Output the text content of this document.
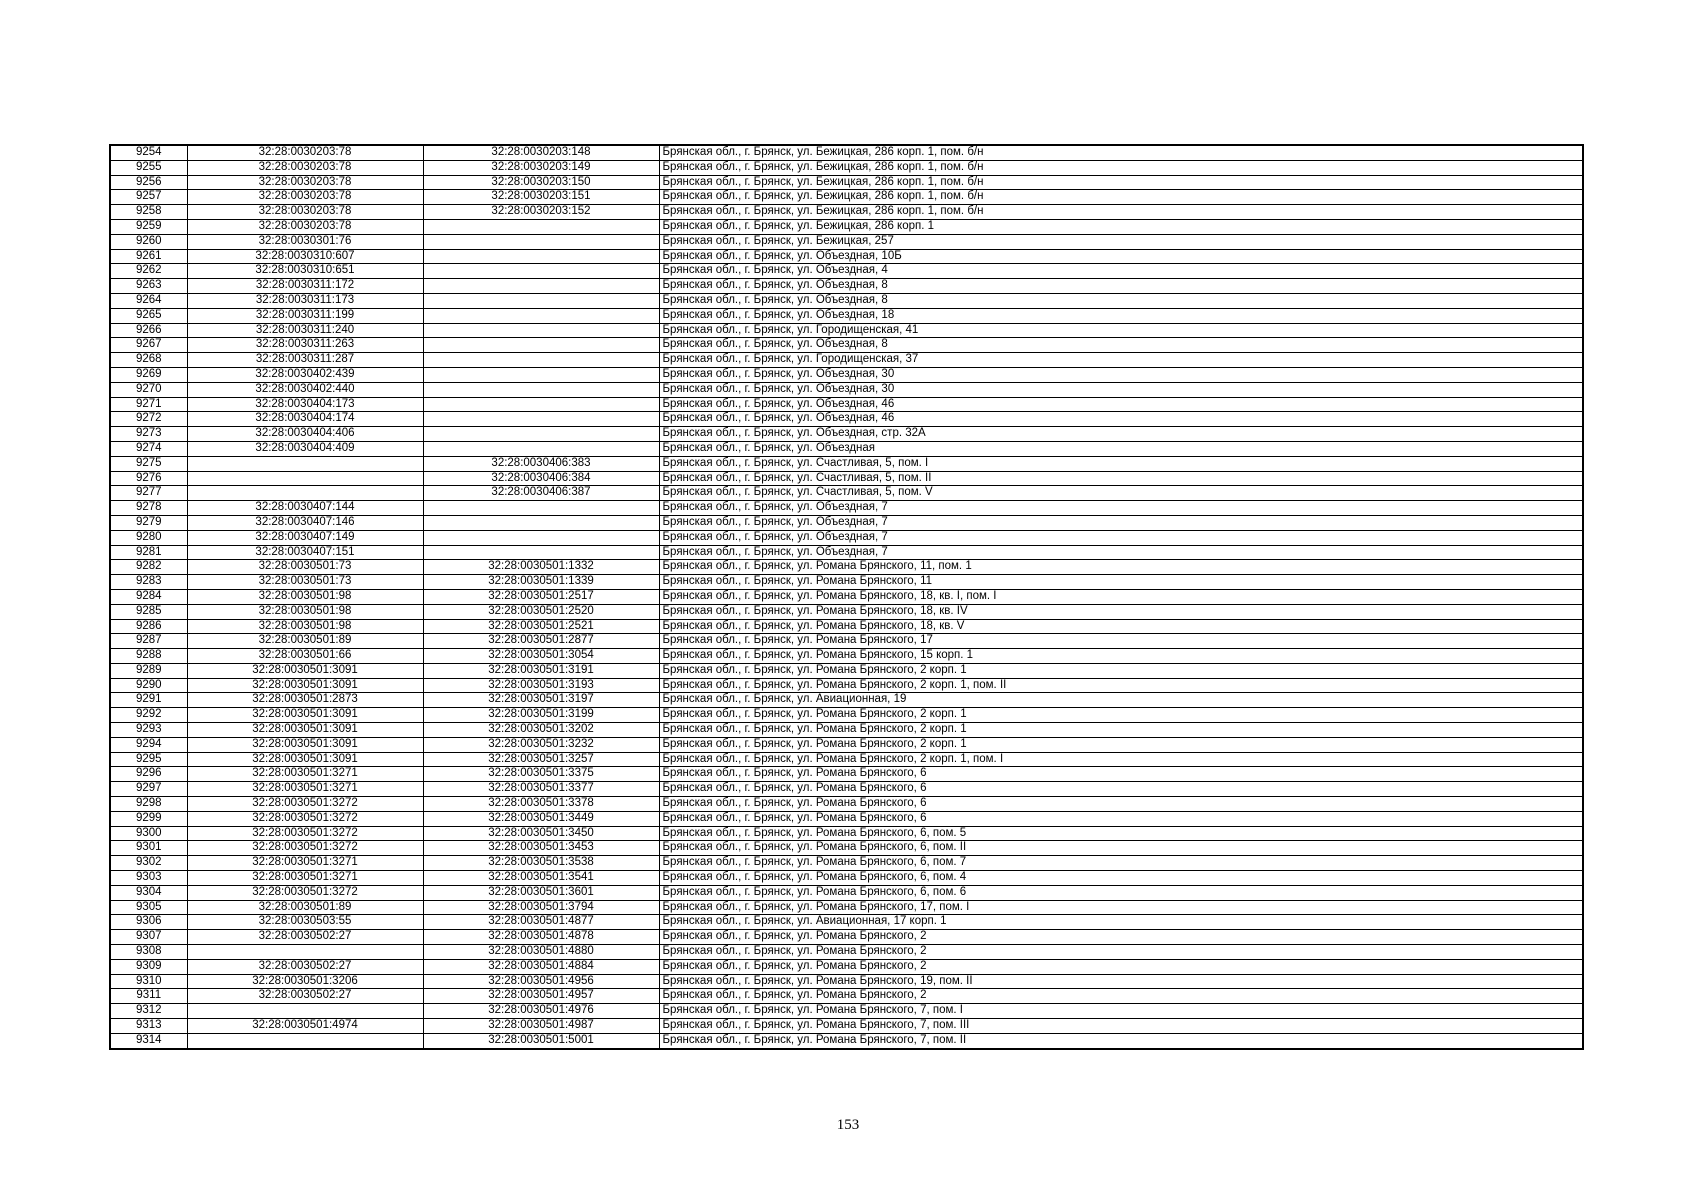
9254	32:28:0030203:78	32:28:0030203:148	Брянская обл., г. Брянск, ул. Бежицкая, 286 корп. 1, пом. б/н
9255	32:28:0030203:78	32:28:0030203:149	Брянская обл., г. Брянск, ул. Бежицкая, 286 корп. 1, пом. б/н
9256	32:28:0030203:78	32:28:0030203:150	Брянская обл., г. Брянск, ул. Бежицкая, 286 корп. 1, пом. б/н
9257	32:28:0030203:78	32:28:0030203:151	Брянская обл., г. Брянск, ул. Бежицкая, 286 корп. 1, пом. б/н
9258	32:28:0030203:78	32:28:0030203:152	Брянская обл., г. Брянск, ул. Бежицкая, 286 корп. 1, пом. б/н
9259	32:28:0030203:78		Брянская обл., г. Брянск, ул. Бежицкая, 286 корп. 1
9260	32:28:0030301:76		Брянская обл., г. Брянск, ул. Бежицкая, 257
9261	32:28:0030310:607		Брянская обл., г. Брянск, ул. Объездная, 10Б
9262	32:28:0030310:651		Брянская обл., г. Брянск, ул. Объездная, 4
9263	32:28:0030311:172		Брянская обл., г. Брянск, ул. Объездная, 8
9264	32:28:0030311:173		Брянская обл., г. Брянск, ул. Объездная, 8
9265	32:28:0030311:199		Брянская обл., г. Брянск, ул. Объездная, 18
9266	32:28:0030311:240		Брянская обл., г. Брянск, ул. Городищенская, 41
9267	32:28:0030311:263		Брянская обл., г. Брянск, ул. Объездная, 8
9268	32:28:0030311:287		Брянская обл., г. Брянск, ул. Городищенская, 37
9269	32:28:0030402:439		Брянская обл., г. Брянск, ул. Объездная, 30
9270	32:28:0030402:440		Брянская обл., г. Брянск, ул. Объездная, 30
9271	32:28:0030404:173		Брянская обл., г. Брянск, ул. Объездная, 46
9272	32:28:0030404:174		Брянская обл., г. Брянск, ул. Объездная, 46
9273	32:28:0030404:406		Брянская обл., г. Брянск, ул. Объездная, стр. 32А
9274	32:28:0030404:409		Брянская обл., г. Брянск, ул. Объездная
9275		32:28:0030406:383	Брянская обл., г. Брянск, ул. Счастливая, 5, пом. I
9276		32:28:0030406:384	Брянская обл., г. Брянск, ул. Счастливая, 5, пом. II
9277		32:28:0030406:387	Брянская обл., г. Брянск, ул. Счастливая, 5, пом. V
9278	32:28:0030407:144		Брянская обл., г. Брянск, ул. Объездная, 7
9279	32:28:0030407:146		Брянская обл., г. Брянск, ул. Объездная, 7
9280	32:28:0030407:149		Брянская обл., г. Брянск, ул. Объездная, 7
9281	32:28:0030407:151		Брянская обл., г. Брянск, ул. Объездная, 7
9282	32:28:0030501:73	32:28:0030501:1332	Брянская обл., г. Брянск, ул. Романа Брянского, 11, пом. 1
9283	32:28:0030501:73	32:28:0030501:1339	Брянская обл., г. Брянск, ул. Романа Брянского, 11
9284	32:28:0030501:98	32:28:0030501:2517	Брянская обл., г. Брянск, ул. Романа Брянского, 18, кв. I, пом. I
9285	32:28:0030501:98	32:28:0030501:2520	Брянская обл., г. Брянск, ул. Романа Брянского, 18, кв. IV
9286	32:28:0030501:98	32:28:0030501:2521	Брянская обл., г. Брянск, ул. Романа Брянского, 18, кв. V
9287	32:28:0030501:89	32:28:0030501:2877	Брянская обл., г. Брянск, ул. Романа Брянского, 17
9288	32:28:0030501:66	32:28:0030501:3054	Брянская обл., г. Брянск, ул. Романа Брянского, 15 корп. 1
9289	32:28:0030501:3091	32:28:0030501:3191	Брянская обл., г. Брянск, ул. Романа Брянского, 2 корп. 1
9290	32:28:0030501:3091	32:28:0030501:3193	Брянская обл., г. Брянск, ул. Романа Брянского, 2 корп. 1, пом. II
9291	32:28:0030501:2873	32:28:0030501:3197	Брянская обл., г. Брянск, ул. Авиационная, 19
9292	32:28:0030501:3091	32:28:0030501:3199	Брянская обл., г. Брянск, ул. Романа Брянского, 2 корп. 1
9293	32:28:0030501:3091	32:28:0030501:3202	Брянская обл., г. Брянск, ул. Романа Брянского, 2 корп. 1
9294	32:28:0030501:3091	32:28:0030501:3232	Брянская обл., г. Брянск, ул. Романа Брянского, 2 корп. 1
9295	32:28:0030501:3091	32:28:0030501:3257	Брянская обл., г. Брянск, ул. Романа Брянского, 2 корп. 1, пом. I
9296	32:28:0030501:3271	32:28:0030501:3375	Брянская обл., г. Брянск, ул. Романа Брянского, 6
9297	32:28:0030501:3271	32:28:0030501:3377	Брянская обл., г. Брянск, ул. Романа Брянского, 6
9298	32:28:0030501:3272	32:28:0030501:3378	Брянская обл., г. Брянск, ул. Романа Брянского, 6
9299	32:28:0030501:3272	32:28:0030501:3449	Брянская обл., г. Брянск, ул. Романа Брянского, 6
9300	32:28:0030501:3272	32:28:0030501:3450	Брянская обл., г. Брянск, ул. Романа Брянского, 6, пом. 5
9301	32:28:0030501:3272	32:28:0030501:3453	Брянская обл., г. Брянск, ул. Романа Брянского, 6, пом. II
9302	32:28:0030501:3271	32:28:0030501:3538	Брянская обл., г. Брянск, ул. Романа Брянского, 6, пом. 7
9303	32:28:0030501:3271	32:28:0030501:3541	Брянская обл., г. Брянск, ул. Романа Брянского, 6, пом. 4
9304	32:28:0030501:3272	32:28:0030501:3601	Брянская обл., г. Брянск, ул. Романа Брянского, 6, пом. 6
9305	32:28:0030501:89	32:28:0030501:3794	Брянская обл., г. Брянск, ул. Романа Брянского, 17, пом. I
9306	32:28:0030503:55	32:28:0030501:4877	Брянская обл., г. Брянск, ул. Авиационная, 17 корп. 1
9307	32:28:0030502:27	32:28:0030501:4878	Брянская обл., г. Брянск, ул. Романа Брянского, 2
9308		32:28:0030501:4880	Брянская обл., г. Брянск, ул. Романа Брянского, 2
9309	32:28:0030502:27	32:28:0030501:4884	Брянская обл., г. Брянск, ул. Романа Брянского, 2
9310	32:28:0030501:3206	32:28:0030501:4956	Брянская обл., г. Брянск, ул. Романа Брянского, 19, пом. II
9311	32:28:0030502:27	32:28:0030501:4957	Брянская обл., г. Брянск, ул. Романа Брянского, 2
9312		32:28:0030501:4976	Брянская обл., г. Брянск, ул. Романа Брянского, 7, пом. I
9313	32:28:0030501:4974	32:28:0030501:4987	Брянская обл., г. Брянск, ул. Романа Брянского, 7, пом. III
9314		32:28:0030501:5001	Брянская обл., г. Брянск, ул. Романа Брянского, 7, пом. II
153
